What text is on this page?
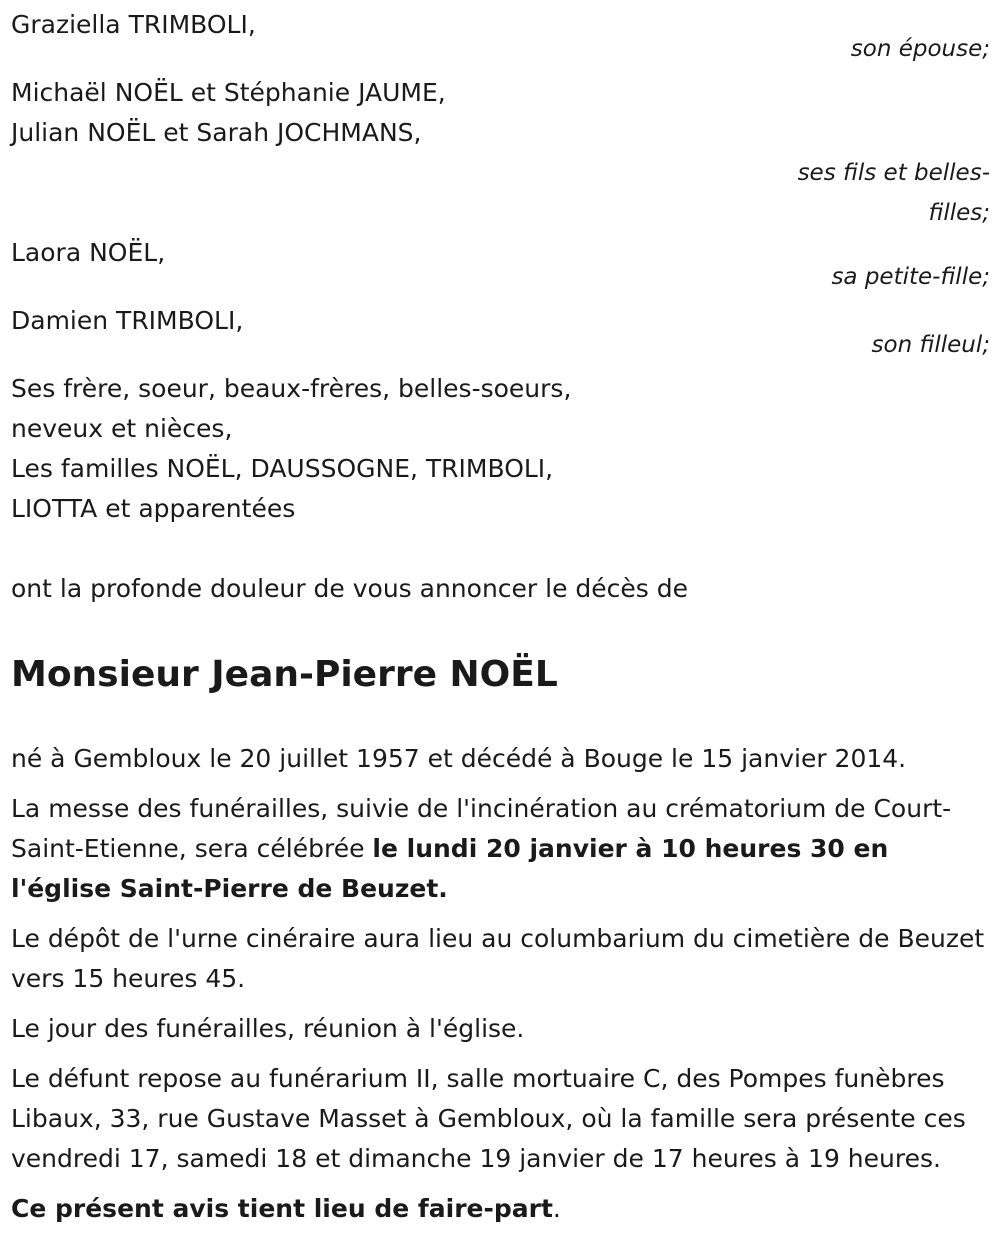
Graziella TRIMBOLI,
son épouse;
Michaël NOËL et Stéphanie JAUME,
Julian NOËL et Sarah JOCHMANS,
ses fils et belles-filles;
Laora NOËL,
sa petite-fille;
Damien TRIMBOLI,
son filleul;
Ses frère, soeur, beaux-frères, belles-soeurs,
neveux et nièces,
Les familles NOËL, DAUSSOGNE, TRIMBOLI,
LIOTTA et apparentées
ont la profonde douleur de vous annoncer le décès de
Monsieur Jean-Pierre NOËL

né à Gembloux le 20 juillet 1957 et décédé à Bouge le 15 janvier 2014.

La messe des funérailles, suivie de l'incinération au crématorium de Court-Saint-Etienne, sera célébrée le lundi 20 janvier à 10 heures 30 en l'église Saint-Pierre de Beuzet.

Le dépôt de l'urne cinéraire aura lieu au columbarium du cimetière de Beuzet vers 15 heures 45.

Le jour des funérailles, réunion à l'église.

Le défunt repose au funérarium II, salle mortuaire C, des Pompes funèbres Libaux, 33, rue Gustave Masset à Gembloux, où la famille sera présente ces vendredi 17, samedi 18 et dimanche 19 janvier de 17 heures à 19 heures.

Ce présent avis tient lieu de faire-part.
